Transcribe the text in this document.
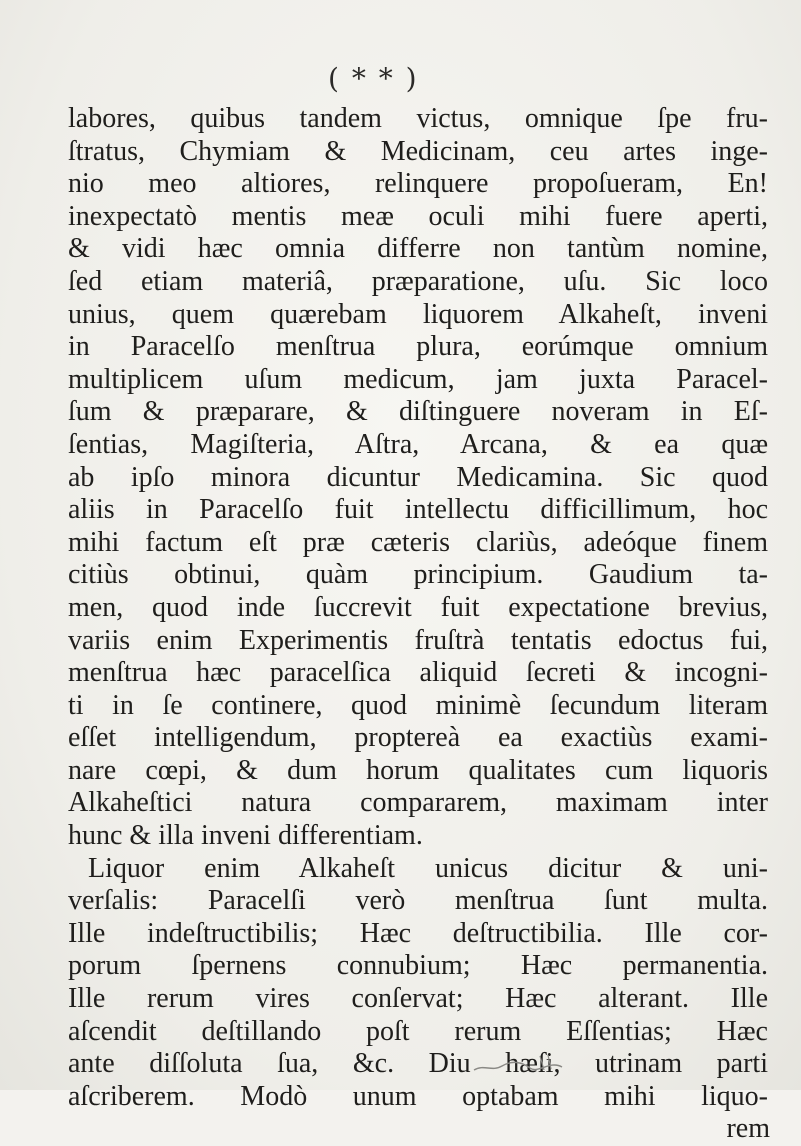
( * * )
labores, quibus tandem victus, omnique ſpe fru-
ſtratus, Chymiam & Medicinam, ceu artes inge-
nio meo altiores, relinquere propoſueram, En!
inexpectatò mentis meæ oculi mihi fuere aperti,
& vidi hæc omnia differre non tantùm nomine,
ſed etiam materiâ, præparatione, uſu. Sic loco
unius, quem quærebam liquorem Alkaheſt, inveni
in Paracelſo menſtrua plura, eorúmque omnium
multiplicem uſum medicum, jam juxta Paracel-
ſum & præparare, & diſtinguere noveram in Eſ-
ſentias, Magiſteria, Aſtra, Arcana, & ea quæ
ab ipſo minora dicuntur Medicamina. Sic quod
aliis in Paracelſo fuit intellectu difficillimum, hoc
mihi factum eſt præ cæteris clariùs, adeóque finem
citiùs obtinui, quàm principium. Gaudium ta-
men, quod inde ſuccrevit fuit expectatione brevius,
variis enim Experimentis fruſtrà tentatis edoctus fui,
menſtrua hæc paracelſica aliquid ſecreti & incogni-
ti in ſe continere, quod minimè ſecundum literam
eſſet intelligendum, proptereà ea exactiùs exami-
nare cœpi, & dum horum qualitates cum liquoris
Alkaheſtici natura compararem, maximam inter
hunc & illa inveni differentiam.
Liquor enim Alkaheſt unicus dicitur & uni-
verſalis: Paracelſi verò menſtrua ſunt multa.
Ille indeſtructibilis; Hæc deſtructibilia. Ille cor-
porum ſpernens connubium; Hæc permanentia.
Ille rerum vires conſervat; Hæc alterant. Ille
aſcendit deſtillando poſt rerum Eſſentias; Hæc
ante diſſoluta ſua, &c. Diu hæſi, utrinam parti
aſcriberem. Modò unum optabam mihi liquo-
rem
